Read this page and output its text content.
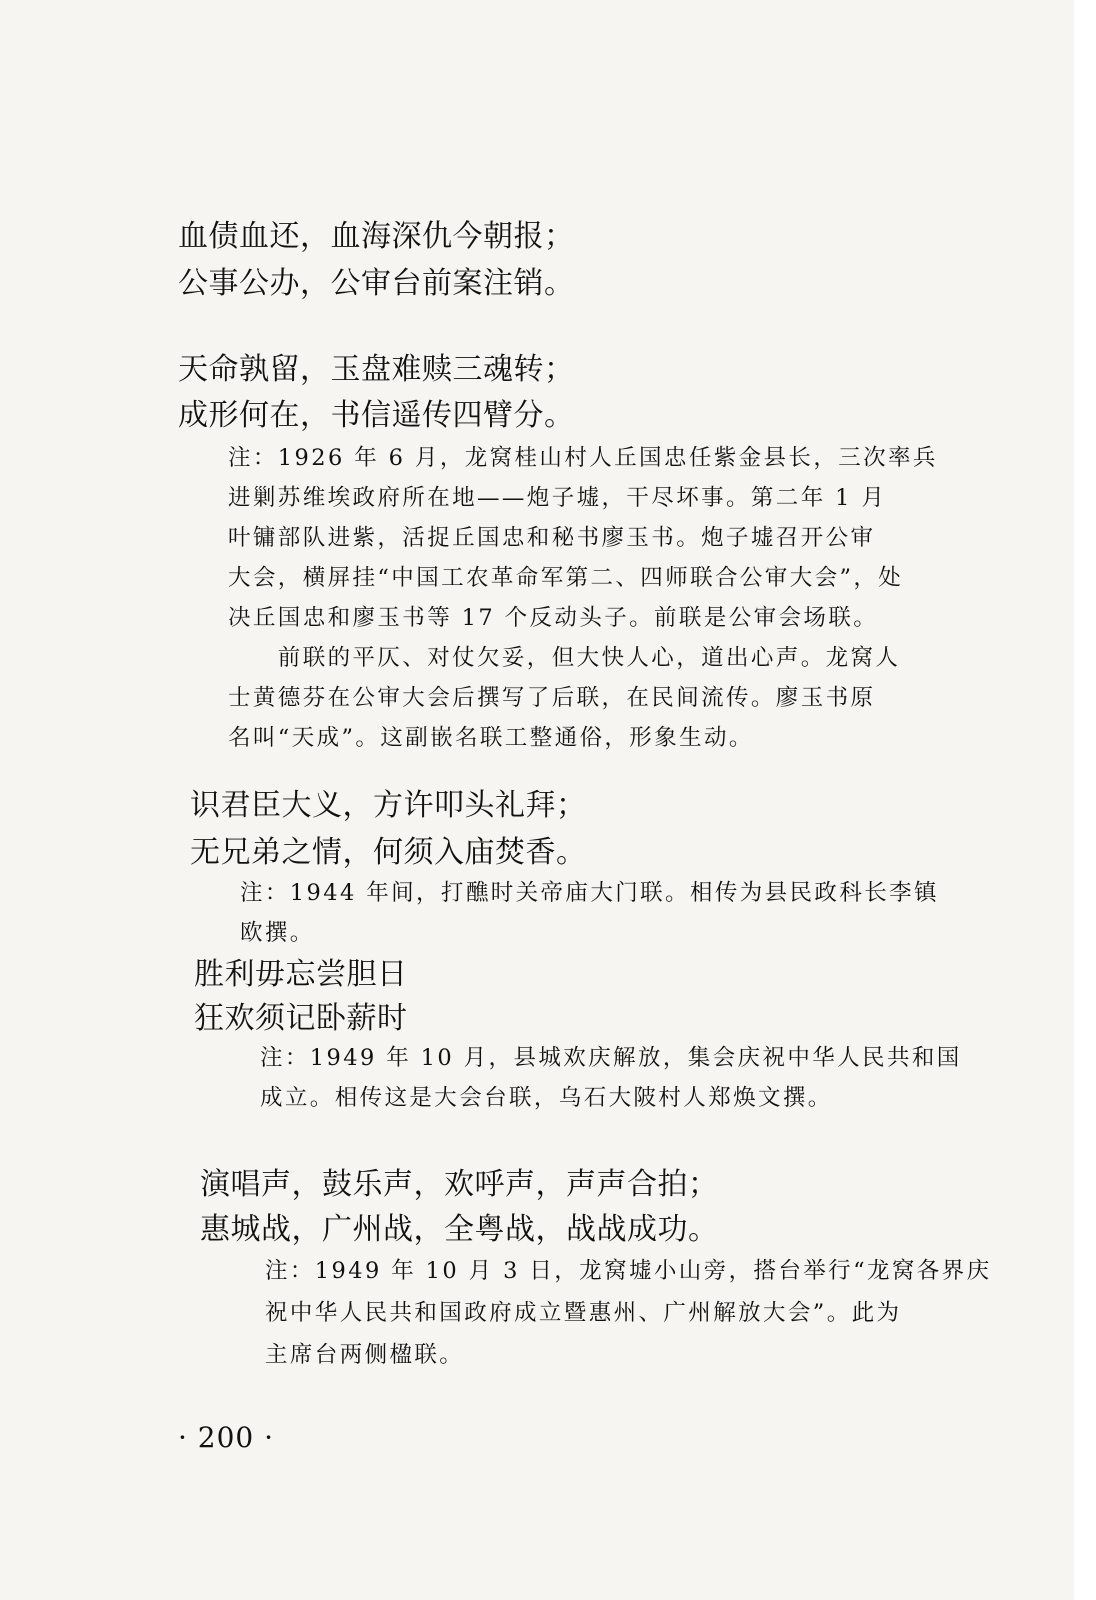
血债血还，血海深仇今朝报；
公事公办，公审台前案注销。
天命孰留，玉盘难赎三魂转；
成形何在，书信遥传四臂分。
注：1926 年 6 月，龙窝桂山村人丘国忠任紫金县长，三次率兵
进剿苏维埃政府所在地——炮子墟，干尽坏事。第二年 1 月
叶镛部队进紫，活捉丘国忠和秘书廖玉书。炮子墟召开公审
大会，横屏挂“中国工农革命军第二、四师联合公审大会”，处
决丘国忠和廖玉书等 17 个反动头子。前联是公审会场联。
　　前联的平仄、对仗欠妥，但大快人心，道出心声。龙窝人
士黄德芬在公审大会后撰写了后联，在民间流传。廖玉书原
名叫“天成”。这副嵌名联工整通俗，形象生动。
识君臣大义，方许叩头礼拜；
无兄弟之情，何须入庙焚香。
注：1944 年间，打醮时关帝庙大门联。相传为县民政科长李镇
欧撰。
胜利毋忘尝胆日
狂欢须记卧薪时
注：1949 年 10 月，县城欢庆解放，集会庆祝中华人民共和国
成立。相传这是大会台联，乌石大陂村人郑焕文撰。
演唱声，鼓乐声，欢呼声，声声合拍；
惠城战，广州战，全粤战，战战成功。
注：1949 年 10 月 3 日，龙窝墟小山旁，搭台举行“龙窝各界庆
祝中华人民共和国政府成立暨惠州、广州解放大会”。此为
主席台两侧楹联。
· 200 ·
